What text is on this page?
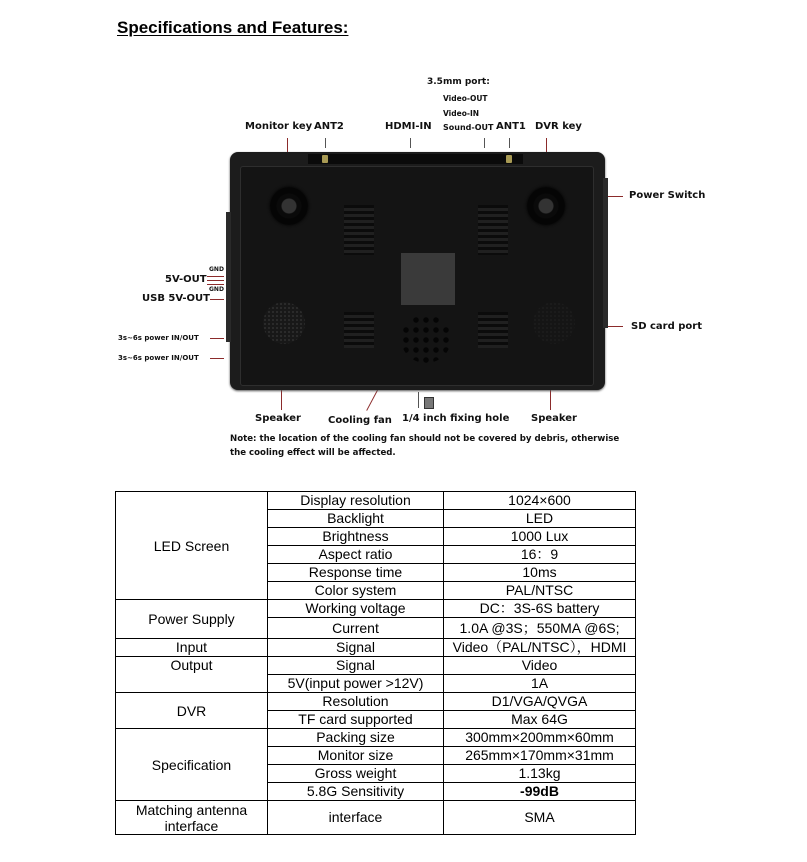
Specifications and Features:
3.5mm port:
Video-OUT
Video-IN
Monitor key ANT2	HDMI-IN Sound-OUT ANT1 DVR key
GND
5V-OUT
GND
USB 5V-OUT
3s~6s power IN/OUT
3s~6s power IN/OUT
Power Switch
SD card port
Speaker	Cooling fan 1/4 inch fixing hole Speaker
Note: the location of the cooling fan should not be covered by debris, otherwise the cooling effect will be affected.
LED Screen	Display resolution	1024×600
	Backlight	LED
	Brightness	1000 Lux
	Aspect ratio	16：9
	Response time	10ms
	Color system	PAL/NTSC
Power Supply	Working voltage	DC：3S-6S battery
	Current	1.0A @3S；550MA @6S;
Input	Signal	Video（PAL/NTSC），HDMI
Output	Signal	Video
	5V(input power >12V)	1A
DVR	Resolution	D1/VGA/QVGA
	TF card supported	Max 64G
Specification	Packing size	300mm×200mm×60mm
	Monitor size	265mm×170mm×31mm
	Gross weight	1.13kg
	5.8G Sensitivity	-99dB
Matching antenna interface	interface	SMA
